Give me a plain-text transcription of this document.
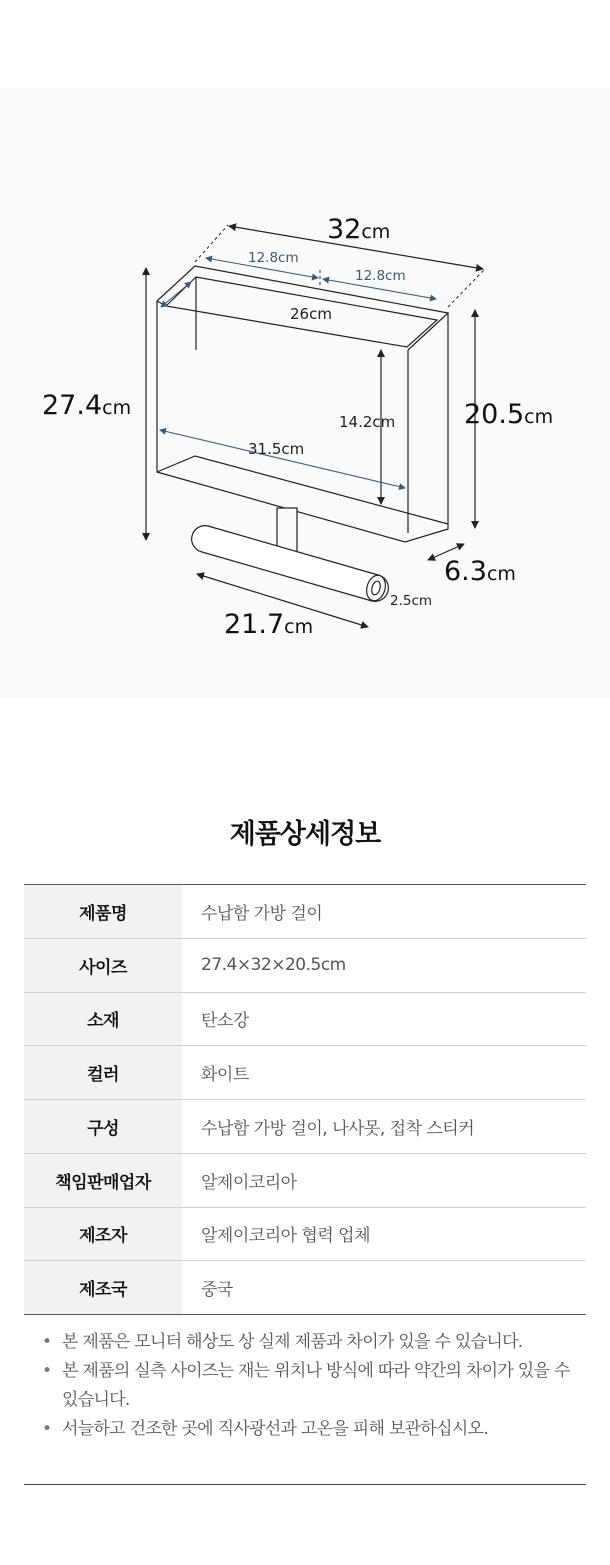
32cm
12.8cm
12.8cm
26cm
27.4cm
14.2cm
31.5cm
20.5cm
6.3cm
2.5cm
21.7cm
제품상세정보
제품명	수납함 가방 걸이
사이즈	27.4×32×20.5cm
소재	탄소강
컬러	화이트
구성	수납함 가방 걸이, 나사못, 접착 스티커
책임판매업자	알제이코리아
제조자	알제이코리아 협력 업체
제조국	중국
• 본 제품은 모니터 해상도 상 실제 제품과 차이가 있을 수 있습니다.
• 본 제품의 실측 사이즈는 재는 위치나 방식에 따라 약간의 차이가 있을 수 있습니다.
• 서늘하고 건조한 곳에 직사광선과 고온을 피해 보관하십시오.
